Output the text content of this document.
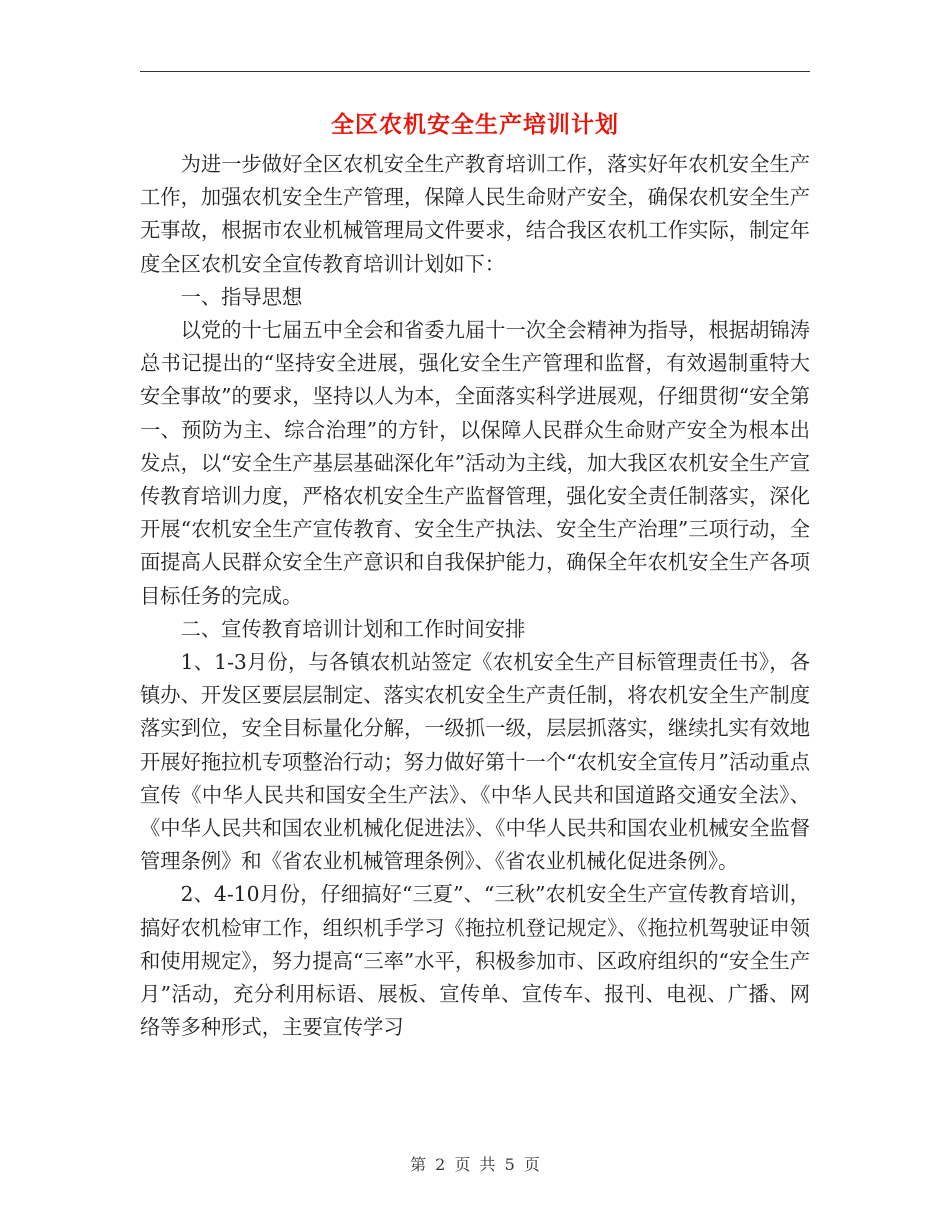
全区农机安全生产培训计划

为进一步做好全区农机安全生产教育培训工作，落实好年农机安全生产工作，加强农机安全生产管理，保障人民生命财产安全，确保农机安全生产无事故，根据市农业机械管理局文件要求，结合我区农机工作实际，制定年度全区农机安全宣传教育培训计划如下：

一、指导思想

以党的十七届五中全会和省委九届十一次全会精神为指导，根据胡锦涛总书记提出的“坚持安全进展，强化安全生产管理和监督，有效遏制重特大安全事故”的要求，坚持以人为本，全面落实科学进展观，仔细贯彻“安全第一、预防为主、综合治理”的方针，以保障人民群众生命财产安全为根本出发点，以“安全生产基层基础深化年”活动为主线，加大我区农机安全生产宣传教育培训力度，严格农机安全生产监督管理，强化安全责任制落实，深化开展“农机安全生产宣传教育、安全生产执法、安全生产治理”三项行动，全面提高人民群众安全生产意识和自我保护能力，确保全年农机安全生产各项目标任务的完成。

二、宣传教育培训计划和工作时间安排

1、1-3月份，与各镇农机站签定《农机安全生产目标管理责任书》，各镇办、开发区要层层制定、落实农机安全生产责任制，将农机安全生产制度落实到位，安全目标量化分解，一级抓一级，层层抓落实，继续扎实有效地开展好拖拉机专项整治行动；努力做好第十一个“农机安全宣传月”活动重点宣传《中华人民共和国安全生产法》、《中华人民共和国道路交通安全法》、《中华人民共和国农业机械化促进法》、《中华人民共和国农业机械安全监督管理条例》和《省农业机械管理条例》、《省农业机械化促进条例》。

2、4-10月份，仔细搞好“三夏”、“三秋”农机安全生产宣传教育培训，搞好农机检审工作，组织机手学习《拖拉机登记规定》、《拖拉机驾驶证申领和使用规定》，努力提高“三率”水平，积极参加市、区政府组织的“安全生产月”活动，充分利用标语、展板、宣传单、宣传车、报刊、电视、广播、网络等多种形式，主要宣传学习

第 2 页 共 5 页
